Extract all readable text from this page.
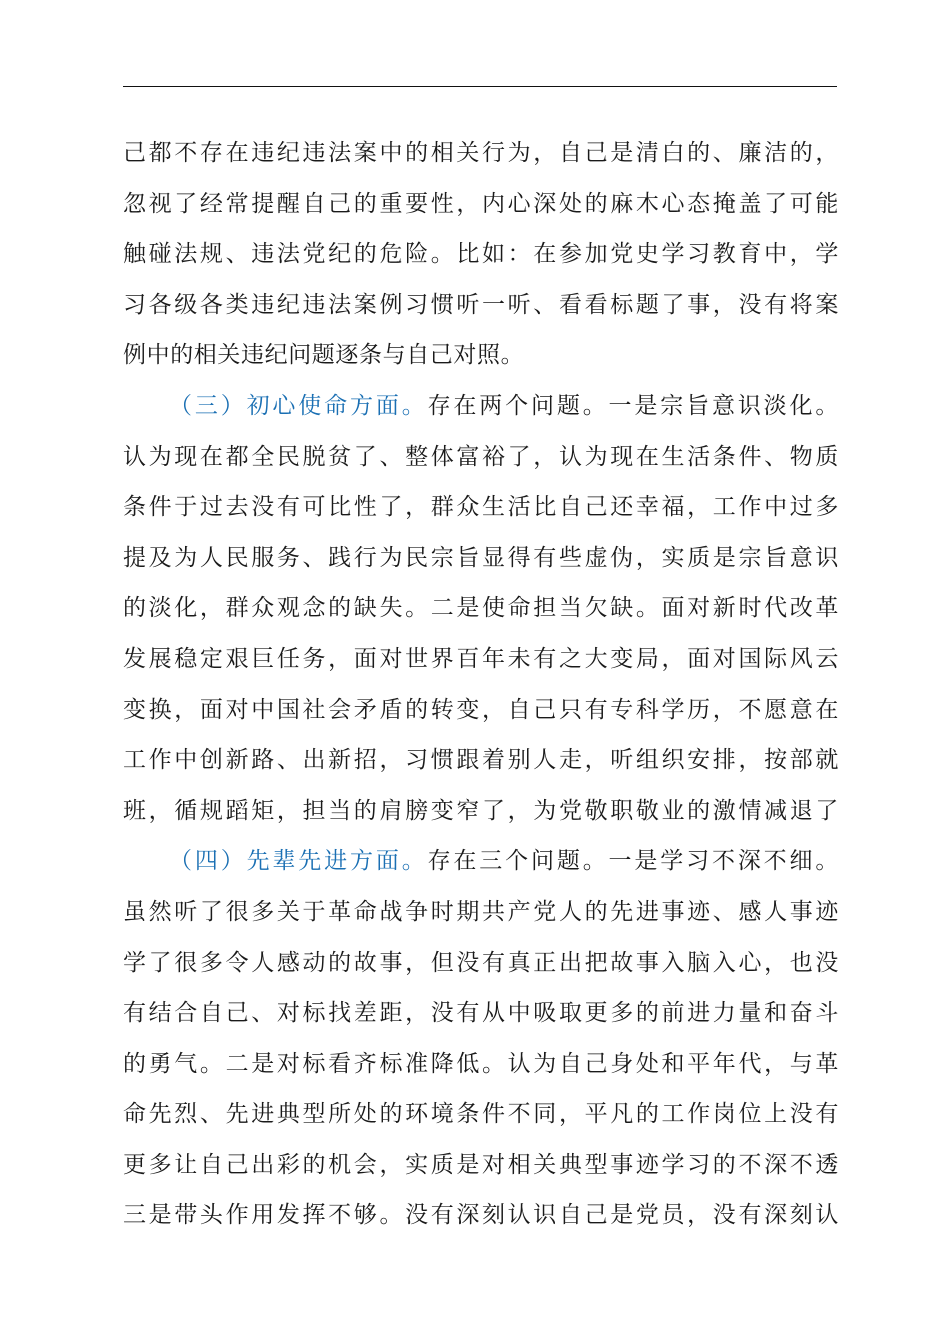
己都不存在违纪违法案中的相关行为，自己是清白的、廉洁的，
忽视了经常提醒自己的重要性，内心深处的麻木心态掩盖了可能
触碰法规、违法党纪的危险。比如：在参加党史学习教育中，学
习各级各类违纪违法案例习惯听一听、看看标题了事，没有将案
例中的相关违纪问题逐条与自己对照。
（三）初心使命方面。存在两个问题。一是宗旨意识淡化。
认为现在都全民脱贫了、整体富裕了，认为现在生活条件、物质
条件于过去没有可比性了，群众生活比自己还幸福，工作中过多
提及为人民服务、践行为民宗旨显得有些虚伪，实质是宗旨意识
的淡化，群众观念的缺失。二是使命担当欠缺。面对新时代改革
发展稳定艰巨任务，面对世界百年未有之大变局，面对国际风云
变换，面对中国社会矛盾的转变，自己只有专科学历，不愿意在
工作中创新路、出新招，习惯跟着别人走，听组织安排，按部就
班，循规蹈矩，担当的肩膀变窄了，为党敬职敬业的激情减退了
（四）先辈先进方面。存在三个问题。一是学习不深不细。
虽然听了很多关于革命战争时期共产党人的先进事迹、感人事迹
学了很多令人感动的故事，但没有真正出把故事入脑入心，也没
有结合自己、对标找差距，没有从中吸取更多的前进力量和奋斗
的勇气。二是对标看齐标准降低。认为自己身处和平年代，与革
命先烈、先进典型所处的环境条件不同，平凡的工作岗位上没有
更多让自己出彩的机会，实质是对相关典型事迹学习的不深不透
三是带头作用发挥不够。没有深刻认识自己是党员，没有深刻认
